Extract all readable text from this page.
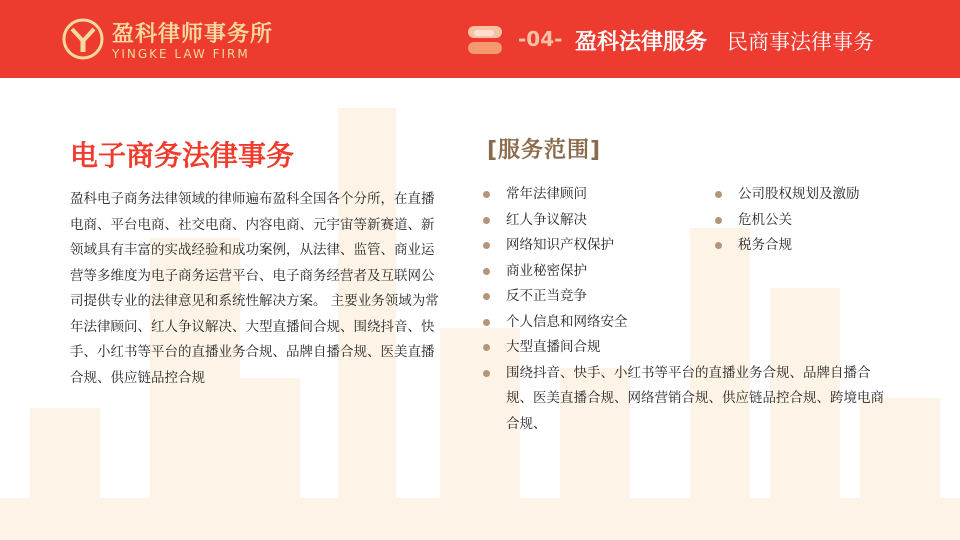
盈科律师事务所
YINGKE LAW FIRM
-04- 盈科法律服务 民商事法律事务
电子商务法律事务
盈科电子商务法律领域的律师遍布盈科全国各个分所，在直播电商、平台电商、社交电商、内容电商、元宇宙等新赛道、新领域具有丰富的实战经验和成功案例，从法律、监管、商业运营等多维度为电子商务运营平台、电子商务经营者及互联网公司提供专业的法律意见和系统性解决方案。 主要业务领域为常年法律顾问、红人争议解决、大型直播间合规、围绕抖音、快手、小红书等平台的直播业务合规、品牌自播合规、医美直播合规、供应链品控合规
[服务范围]
常年法律顾问
红人争议解决
网络知识产权保护
商业秘密保护
反不正当竞争
个人信息和网络安全
大型直播间合规
围绕抖音、快手、小红书等平台的直播业务合规、品牌自播合规、医美直播合规、网络营销合规、供应链品控合规、跨境电商合规、
公司股权规划及激励
危机公关
税务合规
